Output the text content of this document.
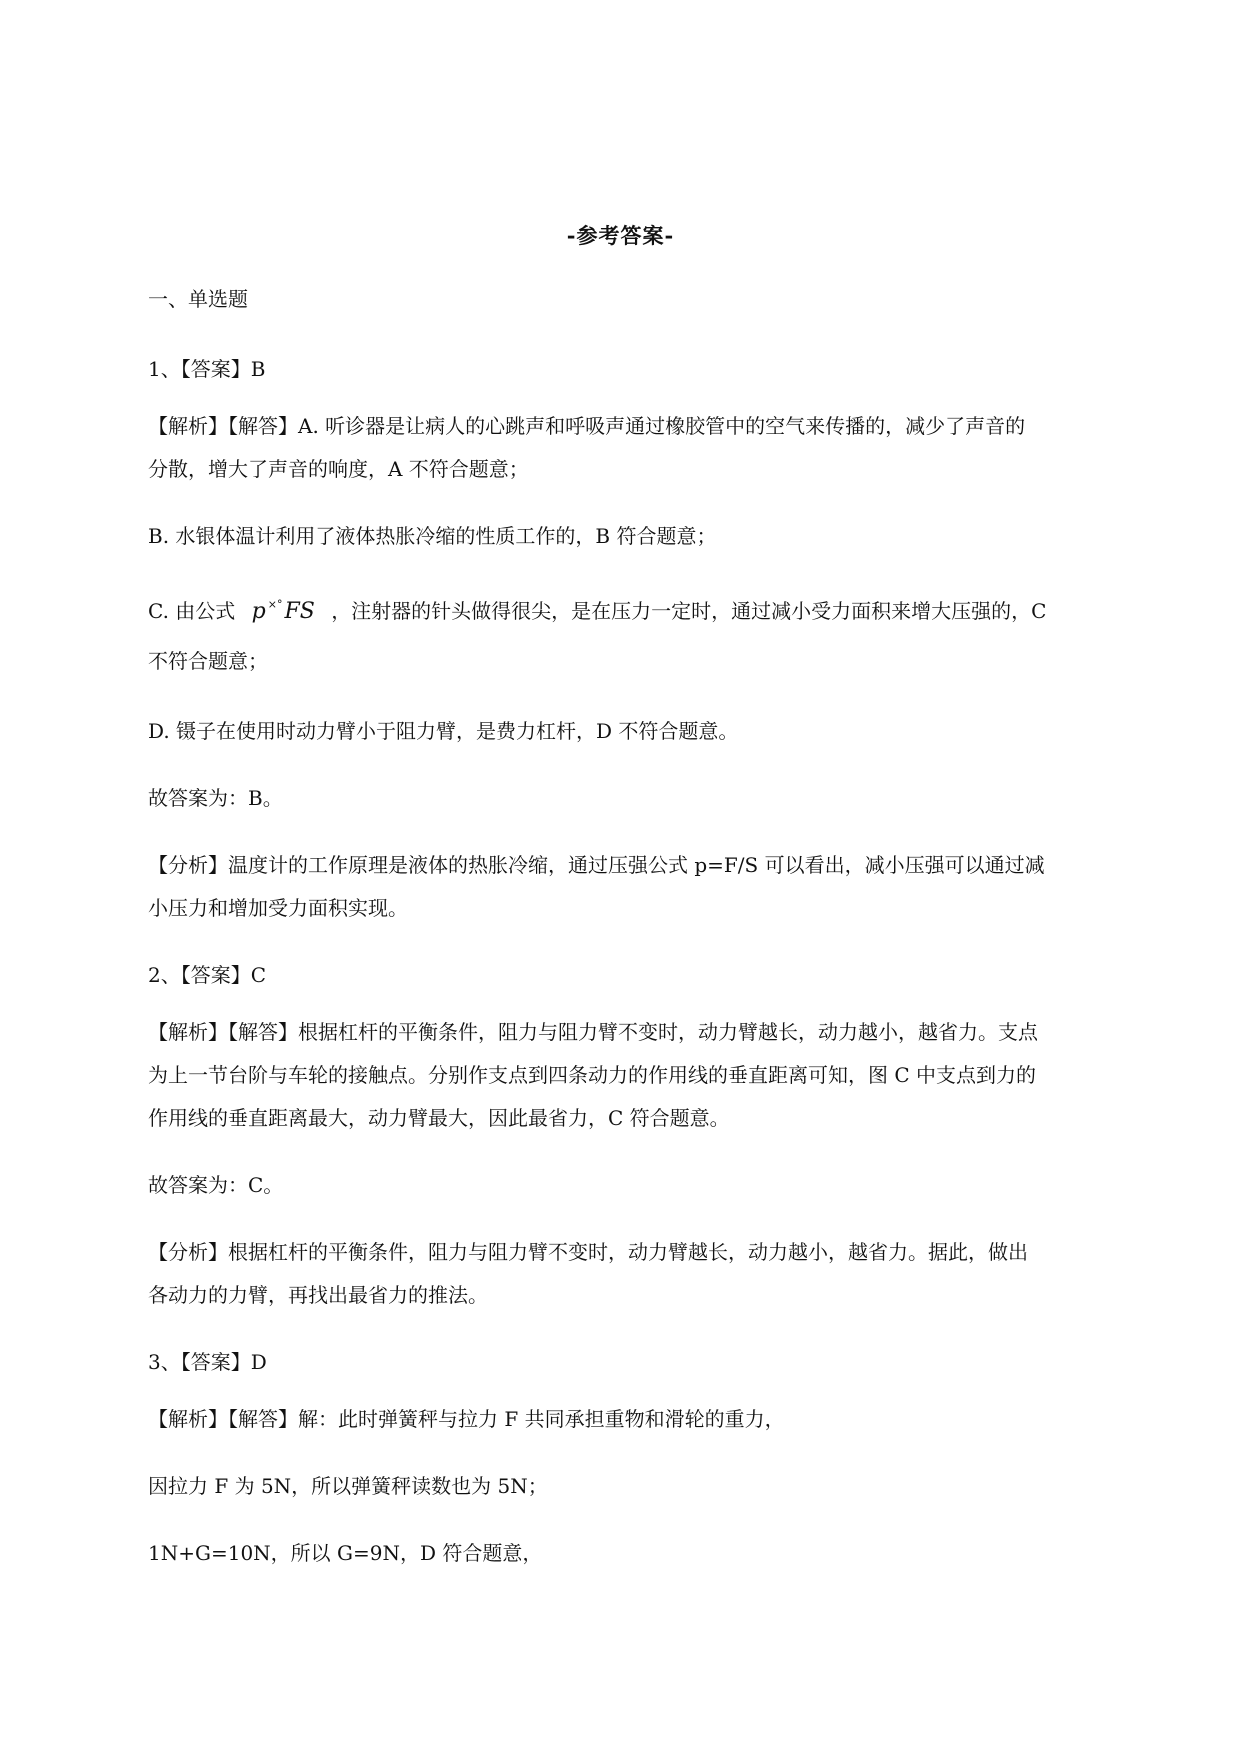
-参考答案-
一、单选题
1、【答案】B
【解析】【解答】A. 听诊器是让病人的心跳声和呼吸声通过橡胶管中的空气来传播的，减少了声音的
分散，增大了声音的响度，A 不符合题意；
B. 水银体温计利用了液体热胀冷缩的性质工作的，B 符合题意；
C. 由公式 p ×°FS ，注射器的针头做得很尖，是在压力一定时，通过减小受力面积来增大压强的，C
不符合题意；
D. 镊子在使用时动力臂小于阻力臂，是费力杠杆，D 不符合题意。
故答案为：B。
【分析】温度计的工作原理是液体的热胀冷缩，通过压强公式 p=F/S 可以看出，减小压强可以通过减
小压力和增加受力面积实现。
2、【答案】C
【解析】【解答】根据杠杆的平衡条件，阻力与阻力臂不变时，动力臂越长，动力越小，越省力。支点
为上一节台阶与车轮的接触点。分别作支点到四条动力的作用线的垂直距离可知，图 C 中支点到力的
作用线的垂直距离最大，动力臂最大，因此最省力，C 符合题意。
故答案为：C。
【分析】根据杠杆的平衡条件，阻力与阻力臂不变时，动力臂越长，动力越小，越省力。据此，做出
各动力的力臂，再找出最省力的推法。
3、【答案】D
【解析】【解答】解：此时弹簧秤与拉力 F 共同承担重物和滑轮的重力，
因拉力 F 为 5N，所以弹簧秤读数也为 5N；
1N+G=10N，所以 G=9N，D 符合题意，
